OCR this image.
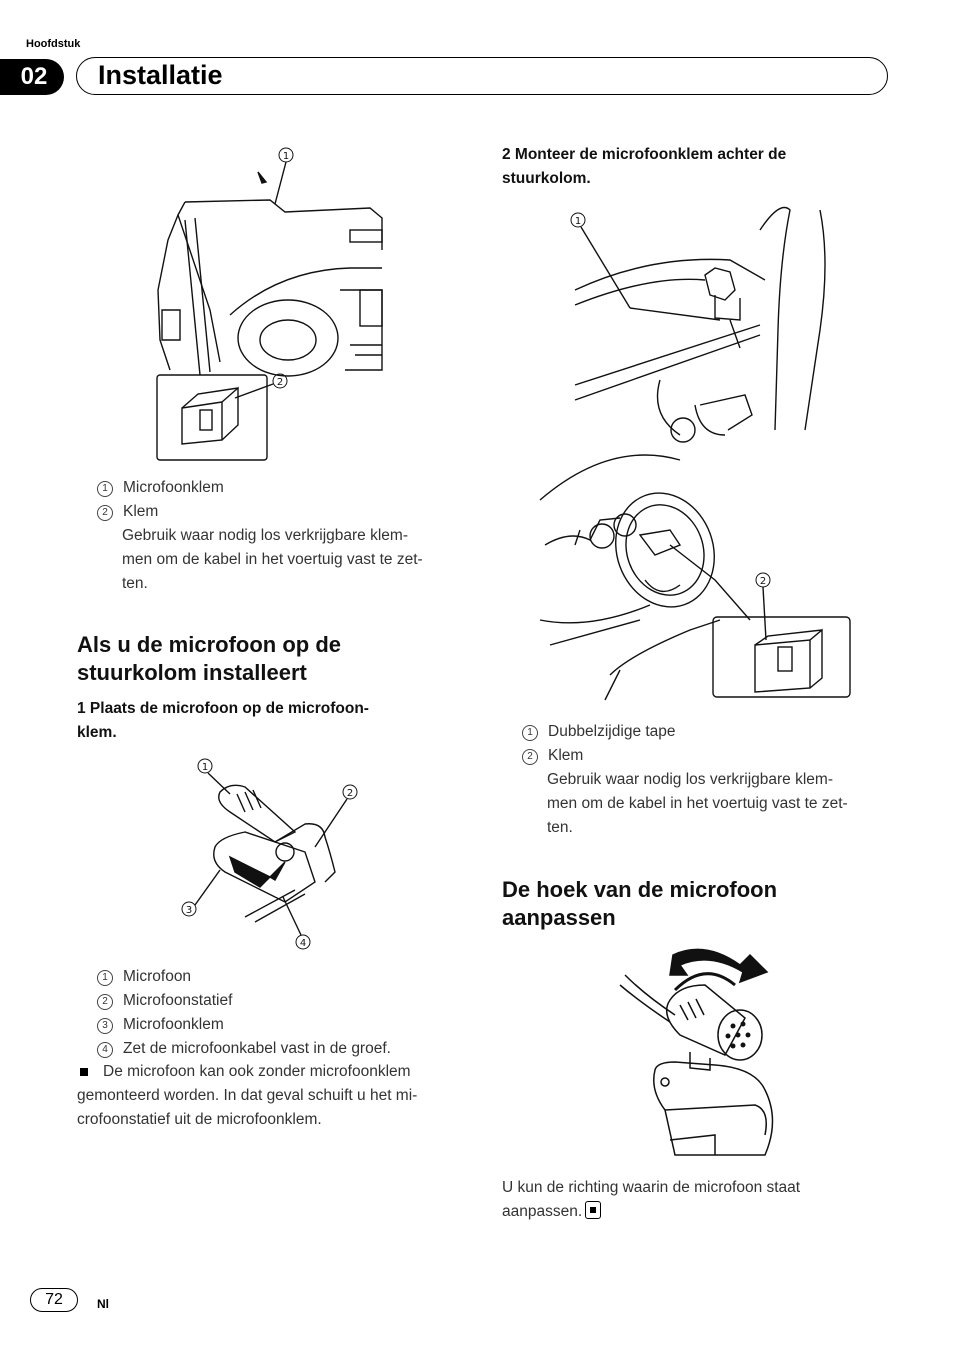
Hoofdstuk
02	Installatie
1
2
1 Microfoonklem
2 Klem
Gebruik waar nodig los verkrijgbare klem-
men om de kabel in het voertuig vast te zet-
ten.
Als u de microfoon op de stuurkolom installeert
1 Plaats de microfoon op de microfoon-
klem.
1
2
3
4
1 Microfoon
2 Microfoonstatief
3 Microfoonklem
4 Zet de microfoonkabel vast in de groef.
De microfoon kan ook zonder microfoonklem
gemonteerd worden. In dat geval schuift u het mi-
crofoonstatief uit de microfoonklem.
2 Monteer de microfoonklem achter de
stuurkolom.
1
2
1 Dubbelzijdige tape
2 Klem
Gebruik waar nodig los verkrijgbare klem-
men om de kabel in het voertuig vast te zet-
ten.
De hoek van de microfoon aanpassen
U kun de richting waarin de microfoon staat
aanpassen.
72	Nl
